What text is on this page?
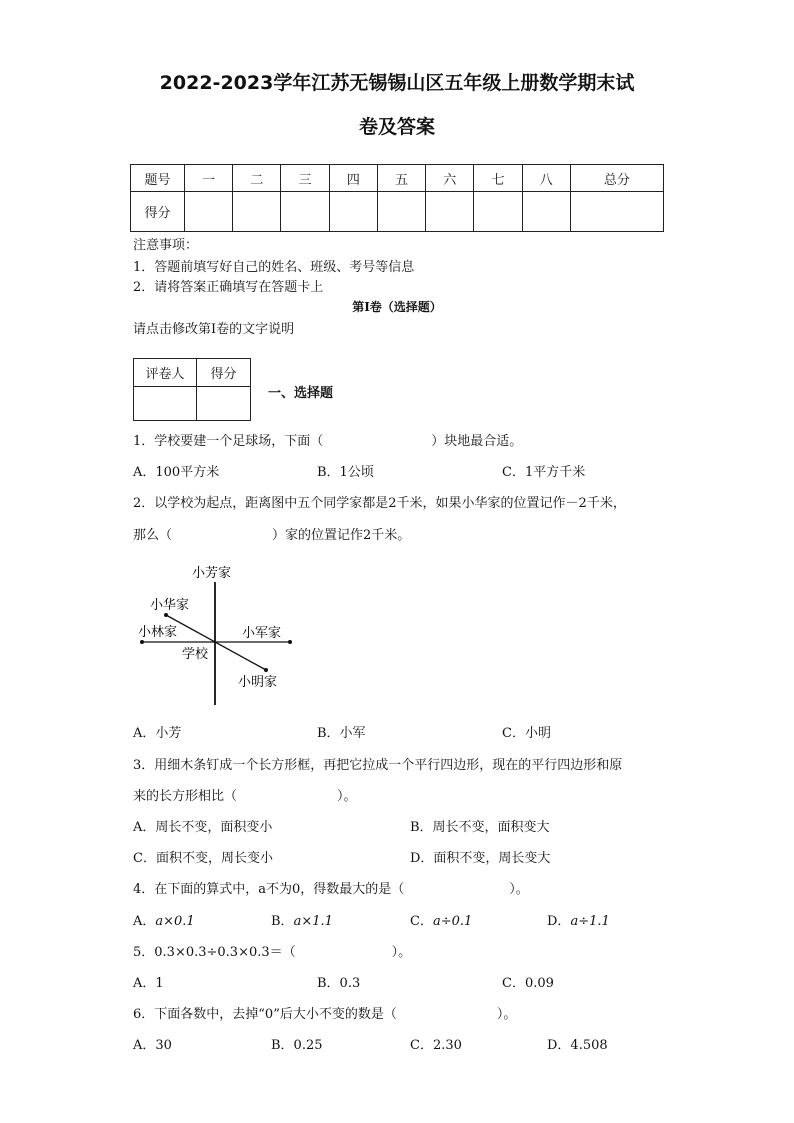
2022-2023学年江苏无锡锡山区五年级上册数学期末试
卷及答案
题号	一	二	三	四	五	六	七	八	总分
得分									
注意事项：
1．答题前填写好自己的姓名、班级、考号等信息
2．请将答案正确填写在答题卡上
第I卷（选择题）
请点击修改第I卷的文字说明
评卷人	得分

一、选择题
1．学校要建一个足球场，下面（	）块地最合适。
A．100平方米	B．1公顷	C．1平方千米
2．以学校为起点，距离图中五个同学家都是2千米，如果小华家的位置记作－2千米，
那么（	）家的位置记作2千米。
小芳家
小华家
小林家	小军家
学校
小明家
A．小芳	B．小军	C．小明
3．用细木条钉成一个长方形框，再把它拉成一个平行四边形，现在的平行四边形和原
来的长方形相比（	）。
A．周长不变，面积变小	B．周长不变，面积变大
C．面积不变，周长变小	D．面积不变，周长变大
4．在下面的算式中，a不为0，得数最大的是（	）。
A．a×0.1	B．a×1.1	C．a÷0.1	D．a÷1.1
5．0.3×0.3÷0.3×0.3＝（	）。
A．1	B．0.3	C．0.09
6．下面各数中，去掉“0”后大小不变的数是（	）。
A．30	B．0.25	C．2.30	D．4.508
